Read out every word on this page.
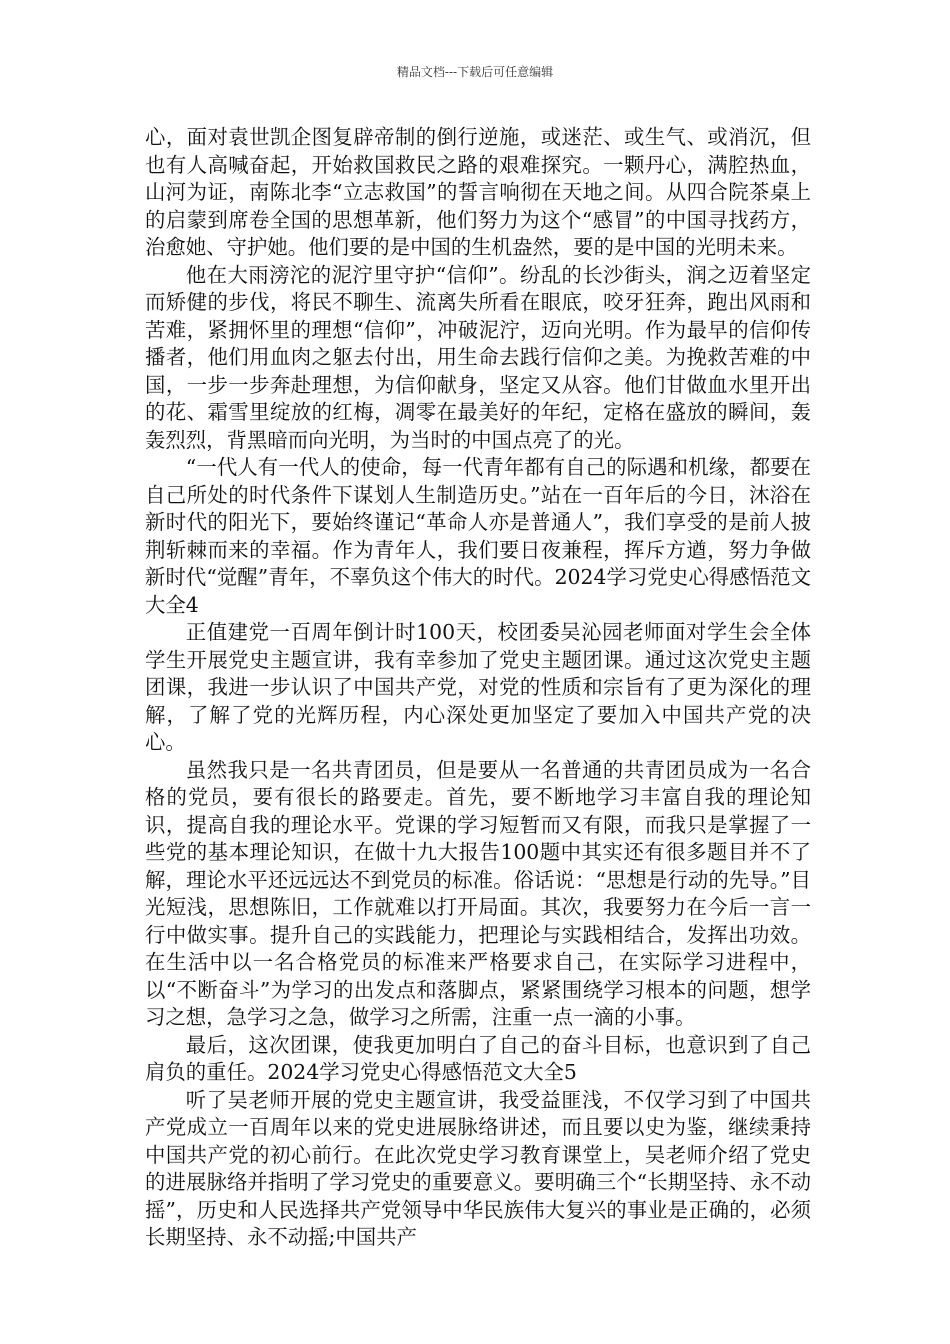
精品文档---下载后可任意编辑

心，面对袁世凯企图复辟帝制的倒行逆施，或迷茫、或生气、或消沉，但也有人高喊奋起，开始救国救民之路的艰难探究。一颗丹心，满腔热血，山河为证，南陈北李“立志救国”的誓言响彻在天地之间。从四合院茶桌上的启蒙到席卷全国的思想革新，他们努力为这个“感冒”的中国寻找药方，治愈她、守护她。他们要的是中国的生机盎然，要的是中国的光明未来。

他在大雨滂沱的泥泞里守护“信仰”。纷乱的长沙街头，润之迈着坚定而矫健的步伐，将民不聊生、流离失所看在眼底，咬牙狂奔，跑出风雨和苦难，紧拥怀里的理想“信仰”，冲破泥泞，迈向光明。作为最早的信仰传播者，他们用血肉之躯去付出，用生命去践行信仰之美。为挽救苦难的中国，一步一步奔赴理想，为信仰献身，坚定又从容。他们甘做血水里开出的花、霜雪里绽放的红梅，凋零在最美好的年纪，定格在盛放的瞬间，轰轰烈烈，背黑暗而向光明，为当时的中国点亮了的光。

“一代人有一代人的使命，每一代青年都有自己的际遇和机缘，都要在自己所处的时代条件下谋划人生制造历史。”站在一百年后的今日，沐浴在新时代的阳光下，要始终谨记“革命人亦是普通人”，我们享受的是前人披荆斩棘而来的幸福。作为青年人，我们要日夜兼程，挥斥方遒，努力争做新时代“觉醒”青年，不辜负这个伟大的时代。2024学习党史心得感悟范文大全4

正值建党一百周年倒计时100天，校团委吴沁园老师面对学生会全体学生开展党史主题宣讲，我有幸参加了党史主题团课。通过这次党史主题团课，我进一步认识了中国共产党，对党的性质和宗旨有了更为深化的理解，了解了党的光辉历程，内心深处更加坚定了要加入中国共产党的决心。

虽然我只是一名共青团员，但是要从一名普通的共青团员成为一名合格的党员，要有很长的路要走。首先，要不断地学习丰富自我的理论知识，提高自我的理论水平。党课的学习短暂而又有限，而我只是掌握了一些党的基本理论知识，在做十九大报告100题中其实还有很多题目并不了解，理论水平还远远达不到党员的标准。俗话说：“思想是行动的先导。”目光短浅，思想陈旧，工作就难以打开局面。其次，我要努力在今后一言一行中做实事。提升自己的实践能力，把理论与实践相结合，发挥出功效。在生活中以一名合格党员的标准来严格要求自己，在实际学习进程中，以“不断奋斗”为学习的出发点和落脚点，紧紧围绕学习根本的问题，想学习之想，急学习之急，做学习之所需，注重一点一滴的小事。

最后，这次团课，使我更加明白了自己的奋斗目标，也意识到了自己肩负的重任。2024学习党史心得感悟范文大全5

听了吴老师开展的党史主题宣讲，我受益匪浅，不仅学习到了中国共产党成立一百周年以来的党史进展脉络讲述，而且要以史为鉴，继续秉持中国共产党的初心前行。在此次党史学习教育课堂上，吴老师介绍了党史的进展脉络并指明了学习党史的重要意义。要明确三个“长期坚持、永不动摇”，历史和人民选择共产党领导中华民族伟大复兴的事业是正确的，必须长期坚持、永不动摇;中国共产
